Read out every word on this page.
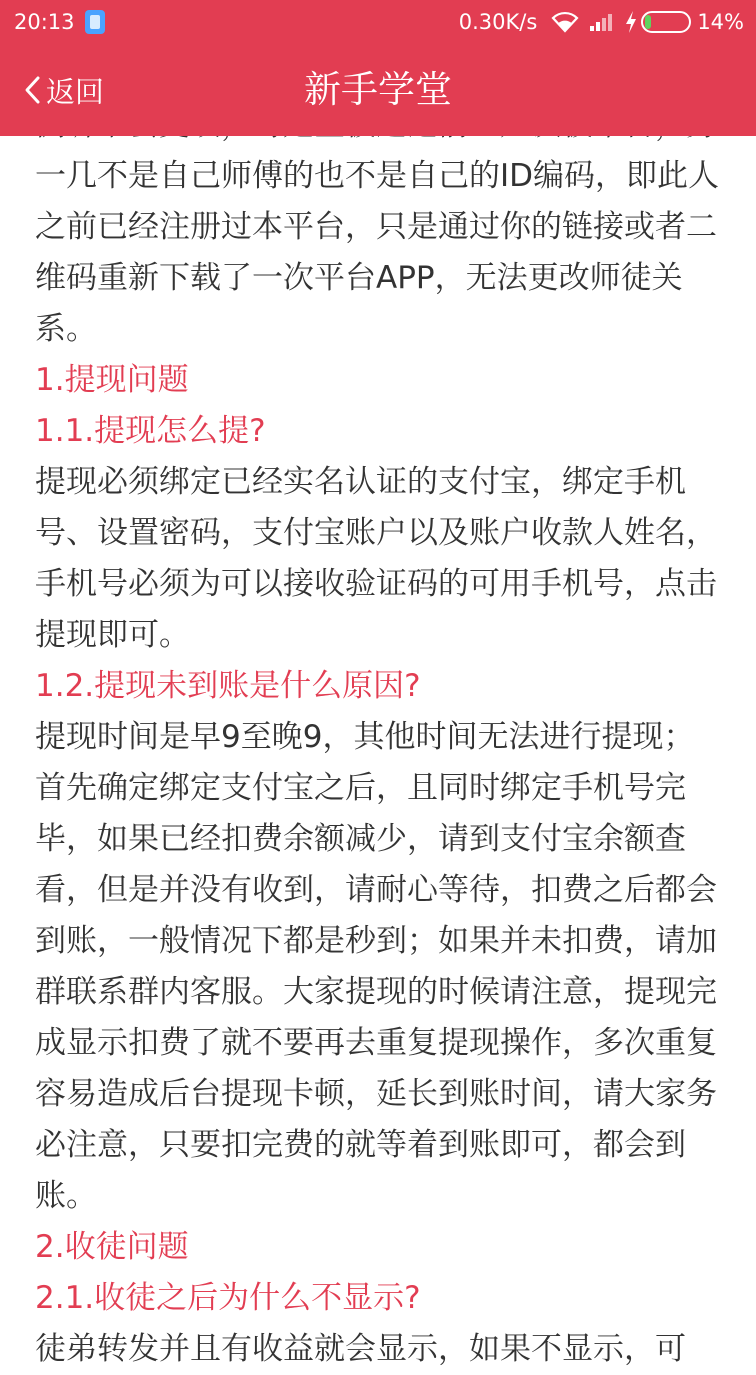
20:13	0.30K/s	14%
返回	新手学堂
一几不是自己师傅的也不是自己的ID编码，即此人之前已经注册过本平台，只是通过你的链接或者二维码重新下载了一次平台APP，无法更改师徒关系。
1.提现问题
1.1.提现怎么提?
提现必须绑定已经实名认证的支付宝，绑定手机号、设置密码，支付宝账户以及账户收款人姓名，手机号必须为可以接收验证码的可用手机号，点击提现即可。
1.2.提现未到账是什么原因?
提现时间是早9至晚9，其他时间无法进行提现；首先确定绑定支付宝之后，且同时绑定手机号完毕，如果已经扣费余额减少，请到支付宝余额查看，但是并没有收到，请耐心等待，扣费之后都会到账，一般情况下都是秒到；如果并未扣费，请加群联系群内客服。大家提现的时候请注意，提现完成显示扣费了就不要再去重复提现操作，多次重复容易造成后台提现卡顿，延长到账时间，请大家务必注意，只要扣完费的就等着到账即可，都会到账。
2.收徒问题
2.1.收徒之后为什么不显示?
徒弟转发并且有收益就会显示，如果不显示，可
